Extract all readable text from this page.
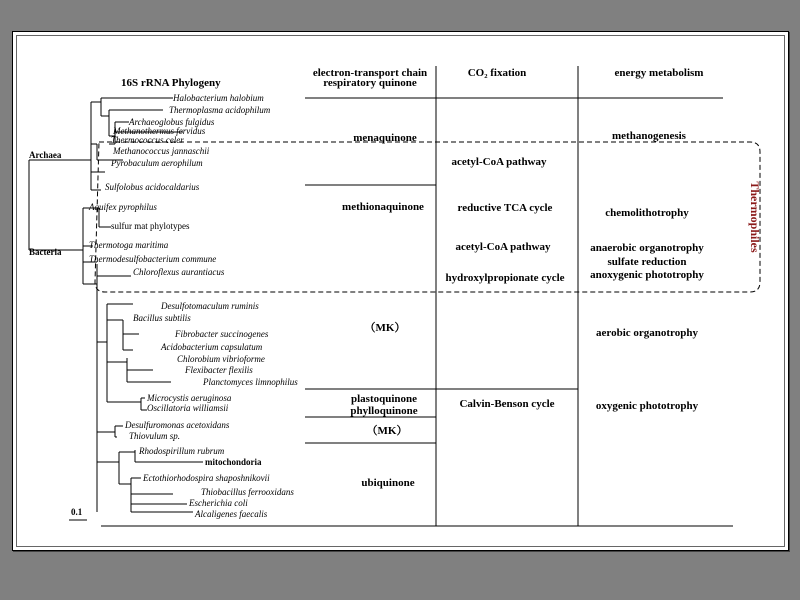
16S rRNA Phylogeny
electron-transport chain
respiratory quinone
CO₂ fixation	energy metabolism
Thermophiles
Archaea
Bacteria
Halobacterium halobium
Thermoplasma acidophilum
Archaeoglobus fulgidus
Methanothermus fervidus
Thermococcus celer
Methanococcus jannaschii
Pyrobaculum aerophilum
Sulfolobus acidocaldarius
Aquifex pyrophilus
sulfur mat phylotypes
Thermotoga maritima
Thermodesulfobacterium commune
Chloroflexus aurantiacus
Desulfotomaculum ruminis
Bacillus subtilis
Fibrobacter succinogenes
Acidobacterium capsulatum
Chlorobium vibrioforme
Flexibacter flexilis
Planctomyces limnophilus
Microcystis aeruginosa
Oscillatoria williamsii
Desulfuromonas acetoxidans
Thiovulum sp.
Rhodospirillum rubrum
mitochondoria
Ectothiorhodospira shaposhnikovii
Thiobacillus ferrooxidans
Escherichia coli
Alcaligenes faecalis
menaquinone
methionaquinone
（MK）
plastoquinone
phylloquinone
（MK）
ubiquinone
acetyl-CoA pathway
reductive TCA cycle
acetyl-CoA pathway
hydroxylpropionate cycle
Calvin-Benson cycle
methanogenesis
chemolithotrophy
anaerobic organotrophy
sulfate reduction
anoxygenic phototrophy
aerobic organotrophy
oxygenic phototrophy
0.1
